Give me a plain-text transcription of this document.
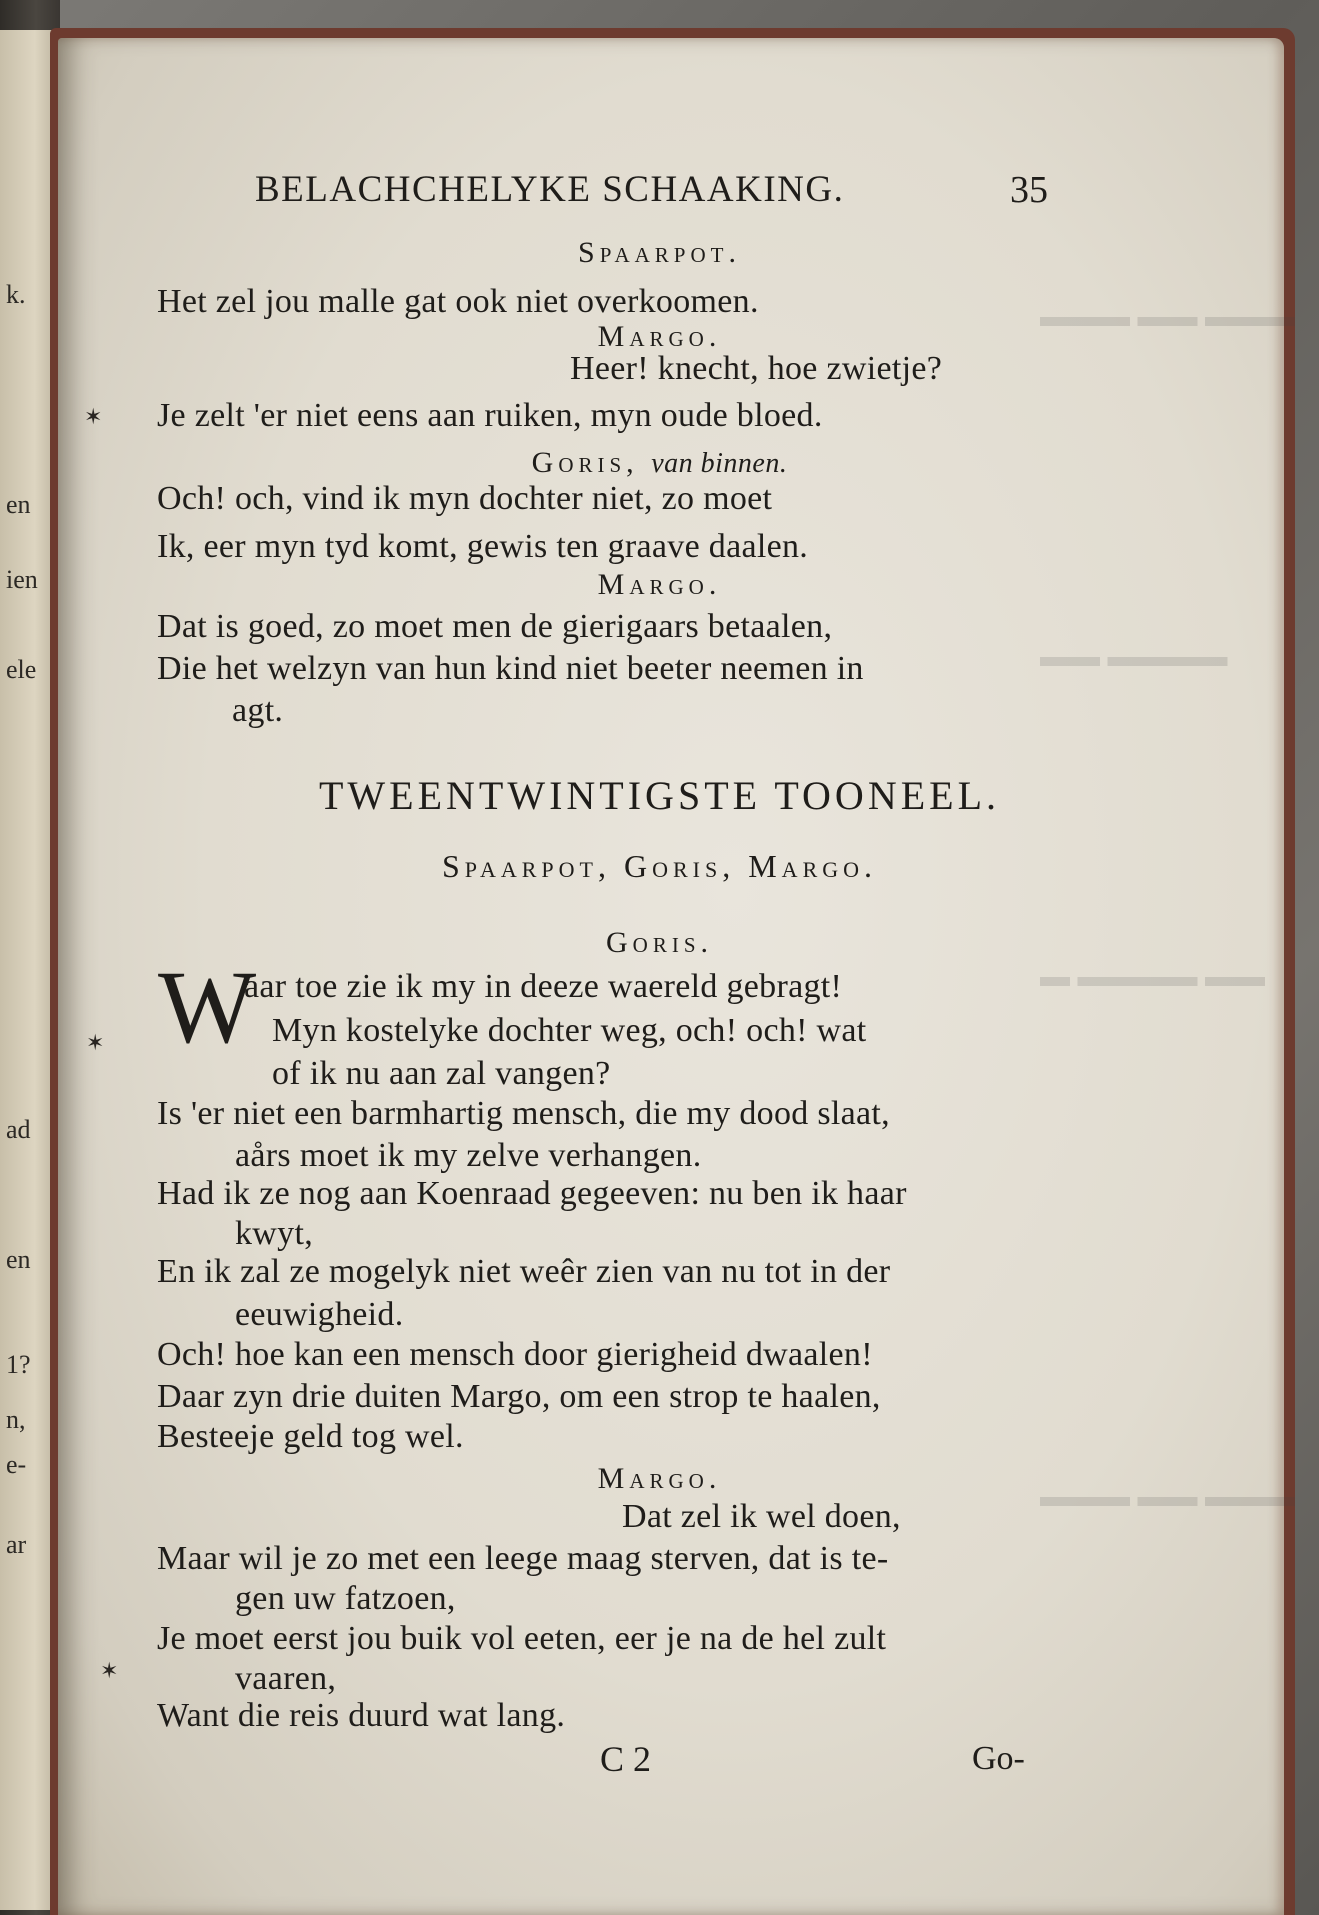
k.
en
ien
ele
ad
en
1?
n,
e-
ar
▬▬▬ ▬▬ ▬▬▬
▬▬▬▬ ▬▬
▬▬ ▬▬▬▬ ▬
▬▬▬ ▬▬ ▬▬▬
✶
✶
✶
BELACHCHELYKE SCHAAKING.	35
Spaarpot.
Het zel jou malle gat ook niet overkoomen.
Margo.
Heer! knecht, hoe zwietje?
Je zelt 'er niet eens aan ruiken, myn oude bloed.
Goris, van binnen.
Och! och, vind ik myn dochter niet, zo moet
Ik, eer myn tyd komt, gewis ten graave daalen.
Margo.
Dat is goed, zo moet men de gierigaars betaalen,
Die het welzyn van hun kind niet beeter neemen in
agt.
TWEENTWINTIGSTE TOONEEL.
Spaarpot, Goris, Margo.
Goris.
W
aar toe zie ik my in deeze waereld gebragt!
Myn kostelyke dochter weg, och! och! wat
of ik nu aan zal vangen?
Is 'er niet een barmhartig mensch, die my dood slaat,
aårs moet ik my zelve verhangen.
Had ik ze nog aan Koenraad gegeeven: nu ben ik haar
kwyt,
En ik zal ze mogelyk niet weêr zien van nu tot in der
eeuwigheid.
Och! hoe kan een mensch door gierigheid dwaalen!
Daar zyn drie duiten Margo, om een strop te haalen,
Besteeje geld tog wel.
Margo.
Dat zel ik wel doen,
Maar wil je zo met een leege maag sterven, dat is te-
gen uw fatzoen,
Je moet eerst jou buik vol eeten, eer je na de hel zult
vaaren,
Want die reis duurd wat lang.
C 2	Go-
